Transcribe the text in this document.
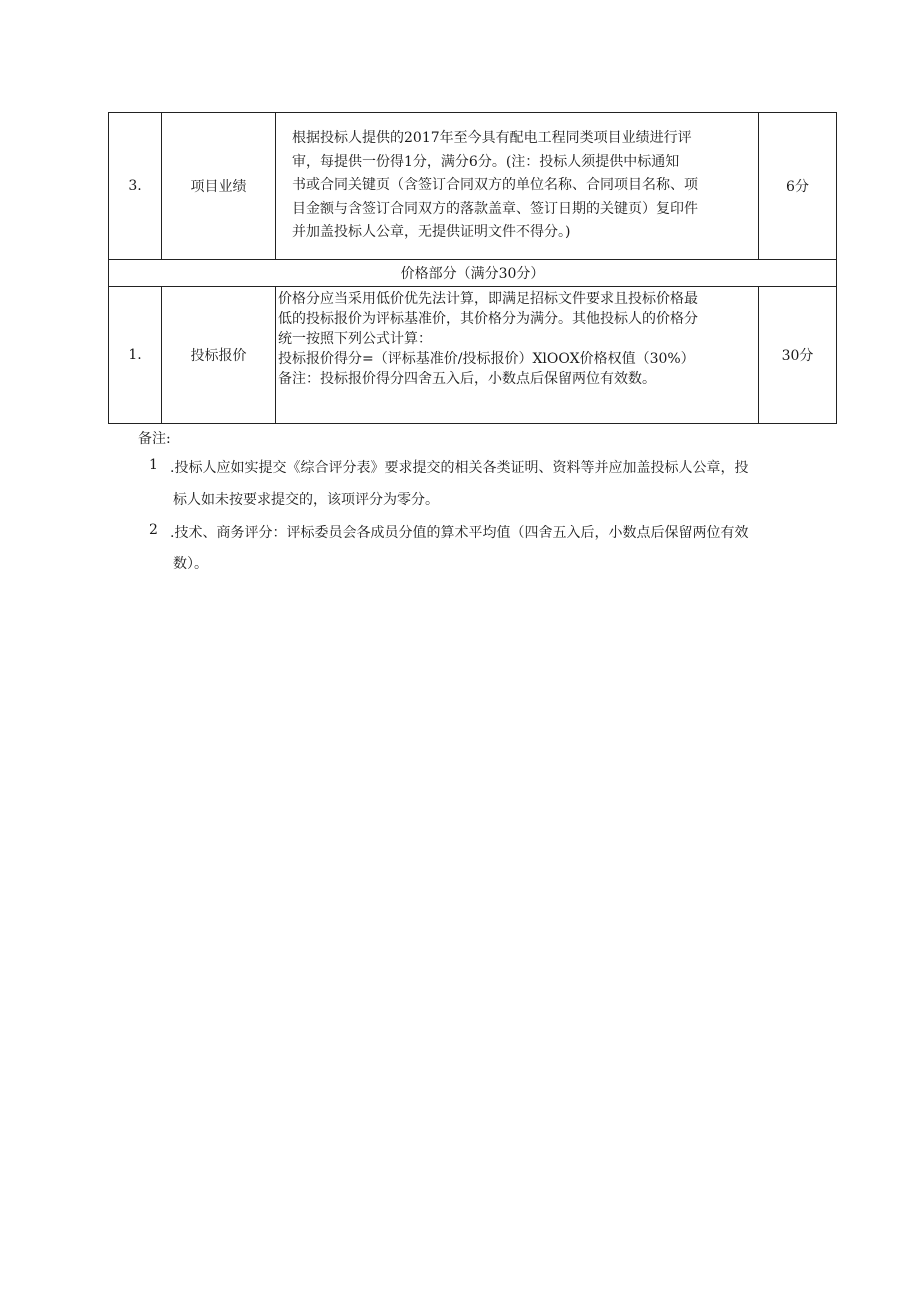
3.	项目业绩	根据投标人提供的2017年至今具有配电工程同类项目业绩进行评
审，每提供一份得1分，满分6分。(注：投标人须提供中标通知
书或合同关键页（含签订合同双方的单位名称、合同项目名称、项
目金额与含签订合同双方的落款盖章、签订日期的关键页）复印件
并加盖投标人公章，无提供证明文件不得分。)	6分
价格部分（满分30分）			
1.	投标报价	价格分应当采用低价优先法计算，即满足招标文件要求且投标价格最
低的投标报价为评标基准价，其价格分为满分。其他投标人的价格分
统一按照下列公式计算：
投标报价得分=（评标基准价/投标报价）XlOOX价格权值（30%）
备注：投标报价得分四舍五入后，小数点后保留两位有效数。	30分
备注:
1 .投标人应如实提交《综合评分表》要求提交的相关各类证明、资料等并应加盖投标人公章，投
标人如未按要求提交的，该项评分为零分。
2 .技术、商务评分：评标委员会各成员分值的算术平均值（四舍五入后，小数点后保留两位有效
数）。
